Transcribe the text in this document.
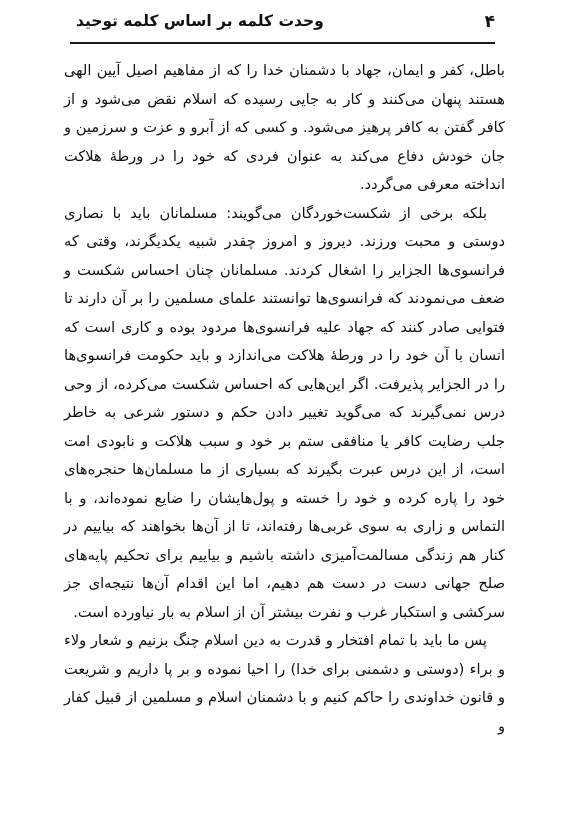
۴
وحدت کلمه بر اساس کلمه توحید

باطل، کفر و ایمان، جهاد با دشمنان خدا را که از مفاهیم اصیل آیین الهی هستند پنهان می‌کنند و کار به جایی رسیده که اسلام نقض می‌شود و از کافر گفتن به کافر پرهیز می‌شود. و کسی که از آبرو و عزت و سرزمین و جان خودش دفاع می‌کند به عنوان فردی که خود را در ورطهٔ هلاکت انداخته معرفی می‌گردد.

بلکه برخی از شکست‌خوردگان می‌گویند: مسلمانان باید با نصاری دوستی و محبت ورزند. دیروز و امروز چقدر شبیه یکدیگرند، وقتی که فرانسوی‌ها الجزایر را اشغال کردند. مسلمانان چنان احساس شکست و ضعف می‌نمودند که فرانسوی‌ها توانستند علمای مسلمین را بر آن دارند تا فتوایی صادر کنند که جهاد علیه فرانسوی‌ها مردود بوده و کاری است که انسان با آن خود را در ورطهٔ هلاکت می‌اندازد و باید حکومت فرانسوی‌ها را در الجزایر پذیرفت. اگر این‌هایی که احساس شکست می‌کرده، از وحی درس نمی‌گیرند که می‌گوید تغییر دادن حکم و دستور شرعی به خاطر جلب رضایت کافر یا منافقی ستم بر خود و سبب هلاکت و نابودی امت است، از این درس عبرت بگیرند که بسیاری از ما مسلمان‌ها حنجره‌های خود را پاره کرده و خود را خسته و پول‌هایشان را ضایع نموده‌اند، و با التماس و زاری به سوی غربی‌ها رفته‌اند، تا از آن‌ها بخواهند که بیاییم در کنار هم زندگی مسالمت‌آمیزی داشته باشیم و بیاییم برای تحکیم پایه‌های صلح جهانی دست در دست هم دهیم، اما این اقدام آن‌ها نتیجه‌ای جز سرکشی و استکبار غرب و نفرت بیشتر آن از اسلام به بار نیاورده است.

پس ما باید با تمام افتخار و قدرت به دین اسلام چنگ بزنیم و شعار ولاء و براء (دوستی و دشمنی برای خدا) را احیا نموده و بر پا داریم و شریعت و قانون خداوندی را حاکم کنیم و با دشمنان اسلام و مسلمین از قبیل کفار و
